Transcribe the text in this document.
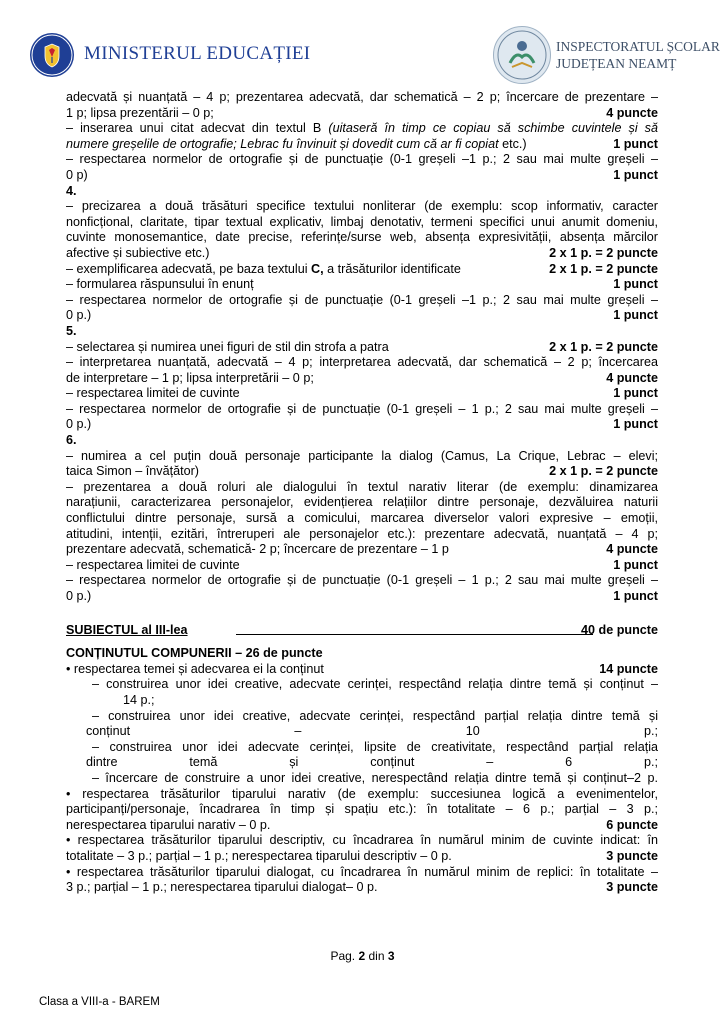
MINISTERUL EDUCAȚIEI	INSPECTORATUL ȘCOLAR
JUDEȚEAN NEAMȚ
adecvată și nuanțată – 4 p; prezentarea adecvată, dar schematică – 2 p; încercare de prezentare –
1 p; lipsa prezentării – 0 p;	4 puncte
– inserarea unui citat adecvat din textul B (uitaseră în timp ce copiau să schimbe cuvintele și să
numere greșelile de ortografie; Lebrac fu învinuit și dovedit cum că ar fi copiat etc.)	1 punct
– respectarea normelor de ortografie și de punctuație (0-1 greșeli –1 p.; 2 sau mai multe greșeli –
0 p)	1 punct
4.
– precizarea a două trăsături specifice textului nonliterar (de exemplu: scop informativ, caracter
nonficțional, claritate, tipar textual explicativ, limbaj denotativ, termeni specifici unui anumit domeniu,
cuvinte monosemantice, date precise, referințe/surse web, absența expresivității, absența mărcilor
afective și subiective etc.)	2 x 1 p. = 2 puncte
– exemplificarea adecvată, pe baza textului C, a trăsăturilor identificate	2 x 1 p. = 2 puncte
– formularea răspunsului în enunț	1 punct
– respectarea normelor de ortografie și de punctuație (0-1 greșeli –1 p.; 2 sau mai multe greșeli –
0 p.)	1 punct
5.
– selectarea și numirea unei figuri de stil din strofa a patra	2 x 1 p. = 2 puncte
– interpretarea nuanțată, adecvată – 4 p; interpretarea adecvată, dar schematică – 2 p; încercarea
de interpretare – 1 p; lipsa interpretării – 0 p;	4 puncte
– respectarea limitei de cuvinte	1 punct
– respectarea normelor de ortografie și de punctuație (0-1 greșeli – 1 p.; 2 sau mai multe greșeli –
0 p.)	1 punct
6.
– numirea a cel puțin două personaje participante la dialog (Camus, La Crique, Lebrac – elevi;
taica Simon – învățător)	2 x 1 p. = 2 puncte
– prezentarea a două roluri ale dialogului în textul narativ literar (de exemplu: dinamizarea
narațiunii, caracterizarea personajelor, evidențierea relațiilor dintre personaje, dezvăluirea naturii
conflictului dintre personaje, sursă a comicului, marcarea diverselor valori expresive – emoții,
atitudini, intenții, ezitări, întreruperi ale personajelor etc.): prezentare adecvată, nuanțată – 4 p;
prezentare adecvată, schematică- 2 p; încercare de prezentare – 1 p	4 puncte
– respectarea limitei de cuvinte	1 punct
– respectarea normelor de ortografie și de punctuație (0-1 greșeli – 1 p.; 2 sau mai multe greșeli –
0 p.)	1 punct
SUBIECTUL al III-lea	40 de puncte
CONȚINUTUL COMPUNERII – 26 de puncte
• respectarea temei și adecvarea ei la conținut	14 puncte
– construirea unor idei creative, adecvate cerinței, respectând relația dintre temă și conținut –
14 p.;
– construirea unor idei creative, adecvate cerinței, respectând parțial relația dintre temă și
conținut – 10 p.;
– construirea unor idei adecvate cerinței, lipsite de creativitate, respectând parțial relația
dintre temă și conținut – 6 p.;
– încercare de construire a unor idei creative, nerespectând relația dintre temă și conținut–2 p.
• respectarea trăsăturilor tiparului narativ (de exemplu: succesiunea logică a evenimentelor,
participanți/personaje, încadrarea în timp și spațiu etc.): în totalitate – 6 p.; parțial – 3 p.;
nerespectarea tiparului narativ – 0 p.	6 puncte
• respectarea trăsăturilor tiparului descriptiv, cu încadrarea în numărul minim de cuvinte indicat: în
totalitate – 3 p.; parțial – 1 p.; nerespectarea tiparului descriptiv – 0 p.	3 puncte
• respectarea trăsăturilor tiparului dialogat, cu încadrarea în numărul minim de replici: în totalitate –
3 p.; parțial – 1 p.; nerespectarea tiparului dialogat– 0 p.	3 puncte
Pag. 2 din 3
Clasa a VIII-a - BAREM
